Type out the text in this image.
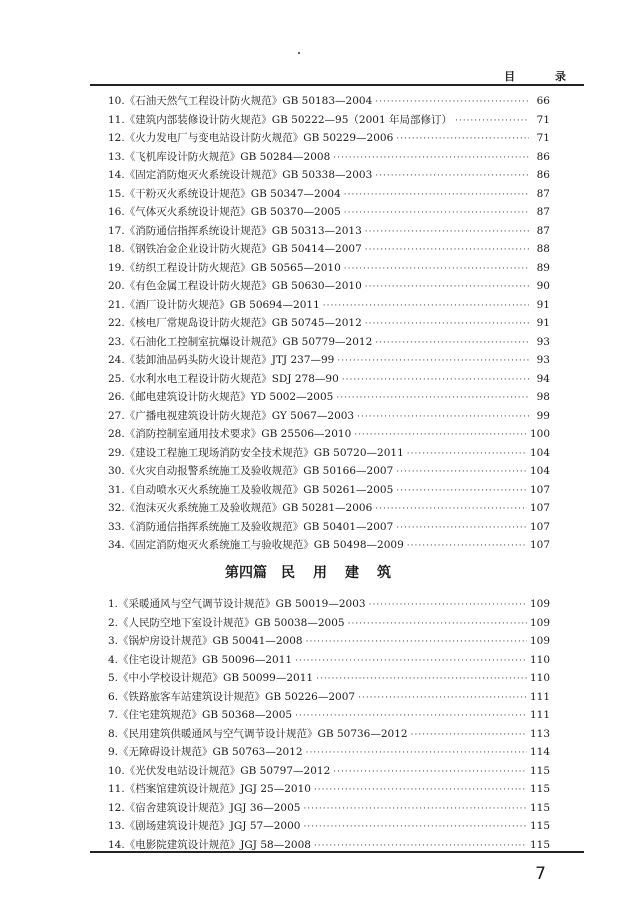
目 录
10.《石油天然气工程设计防火规范》GB 50183—2004 ·····	66
11.《建筑内部装修设计防火规范》GB 50222—95（2001 年局部修订） ·····	71
12.《火力发电厂与变电站设计防火规范》GB 50229—2006 ·····	71
13.《飞机库设计防火规范》GB 50284—2008 ·····	86
14.《固定消防炮灭火系统设计规范》GB 50338—2003 ·····	86
15.《干粉灭火系统设计规范》GB 50347—2004 ·····	87
16.《气体灭火系统设计规范》GB 50370—2005 ·····	87
17.《消防通信指挥系统设计规范》GB 50313—2013 ·····	87
18.《钢铁冶金企业设计防火规范》GB 50414—2007 ·····	88
19.《纺织工程设计防火规范》GB 50565—2010 ·····	89
20.《有色金属工程设计防火规范》GB 50630—2010 ·····	90
21.《酒厂设计防火规范》GB 50694—2011 ·····	91
22.《核电厂常规岛设计防火规范》GB 50745—2012 ·····	91
23.《石油化工控制室抗爆设计规范》GB 50779—2012 ·····	93
24.《装卸油品码头防火设计规范》JTJ 237—99 ·····	93
25.《水利水电工程设计防火规范》SDJ 278—90 ·····	94
26.《邮电建筑设计防火规范》YD 5002—2005 ·····	98
27.《广播电视建筑设计防火规范》GY 5067—2003 ·····	99
28.《消防控制室通用技术要求》GB 25506—2010 ·····	100
29.《建设工程施工现场消防安全技术规范》GB 50720—2011 ·····	104
30.《火灾自动报警系统施工及验收规范》GB 50166—2007 ·····	104
31.《自动喷水灭火系统施工及验收规范》GB 50261—2005 ·····	107
32.《泡沫灭火系统施工及验收规范》GB 50281—2006 ·····	107
33.《消防通信指挥系统施工及验收规范》GB 50401—2007 ·····	107
34.《固定消防炮灭火系统施工与验收规范》GB 50498—2009 ·····	107
第四篇 民用建筑
1.《采暖通风与空气调节设计规范》GB 50019—2003 ·····	109
2.《人民防空地下室设计规范》GB 50038—2005 ·····	109
3.《锅炉房设计规范》GB 50041—2008 ·····	109
4.《住宅设计规范》GB 50096—2011 ·····	110
5.《中小学校设计规范》GB 50099—2011 ·····	110
6.《铁路旅客车站建筑设计规范》GB 50226—2007 ·····	111
7.《住宅建筑规范》GB 50368—2005 ·····	111
8.《民用建筑供暖通风与空气调节设计规范》GB 50736—2012 ·····	113
9.《无障碍设计规范》GB 50763—2012 ·····	114
10.《光伏发电站设计规范》GB 50797—2012 ·····	115
11.《档案馆建筑设计规范》JGJ 25—2010 ·····	115
12.《宿舍建筑设计规范》JGJ 36—2005 ·····	115
13.《剧场建筑设计规范》JGJ 57—2000 ·····	115
14.《电影院建筑设计规范》JGJ 58—2008 ·····	115
7
